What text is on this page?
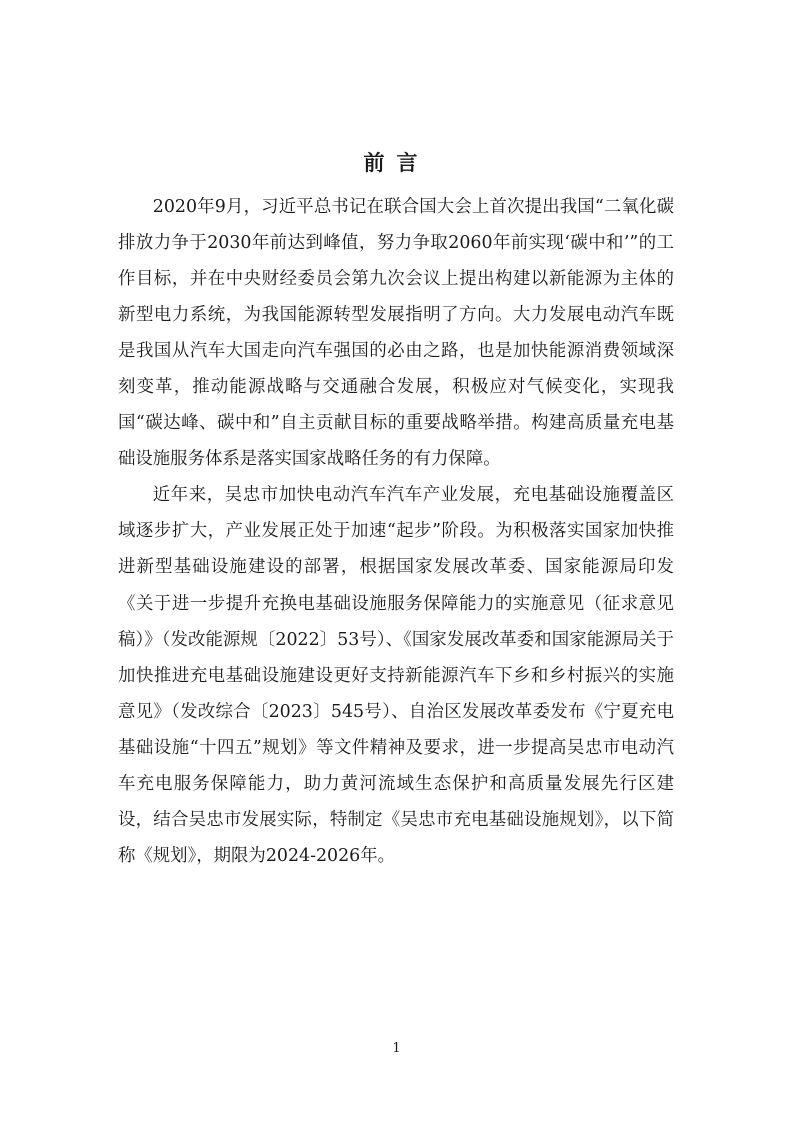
前言

2020年9月，习近平总书记在联合国大会上首次提出我国“二氧化碳排放力争于2030年前达到峰值，努力争取2060年前实现‘碳中和’”的工作目标，并在中央财经委员会第九次会议上提出构建以新能源为主体的新型电力系统，为我国能源转型发展指明了方向。大力发展电动汽车既是我国从汽车大国走向汽车强国的必由之路，也是加快能源消费领域深刻变革，推动能源战略与交通融合发展，积极应对气候变化，实现我国“碳达峰、碳中和”自主贡献目标的重要战略举措。构建高质量充电基础设施服务体系是落实国家战略任务的有力保障。

近年来，吴忠市加快电动汽车汽车产业发展，充电基础设施覆盖区域逐步扩大，产业发展正处于加速“起步”阶段。为积极落实国家加快推进新型基础设施建设的部署，根据国家发展改革委、国家能源局印发《关于进一步提升充换电基础设施服务保障能力的实施意见（征求意见稿）》（发改能源规〔2022〕53号）、《国家发展改革委和国家能源局关于加快推进充电基础设施建设更好支持新能源汽车下乡和乡村振兴的实施意见》（发改综合〔2023〕545号）、自治区发展改革委发布《宁夏充电基础设施“十四五”规划》等文件精神及要求，进一步提高吴忠市电动汽车充电服务保障能力，助力黄河流域生态保护和高质量发展先行区建设，结合吴忠市发展实际，特制定《吴忠市充电基础设施规划》，以下简称《规划》，期限为2024-2026年。

1
